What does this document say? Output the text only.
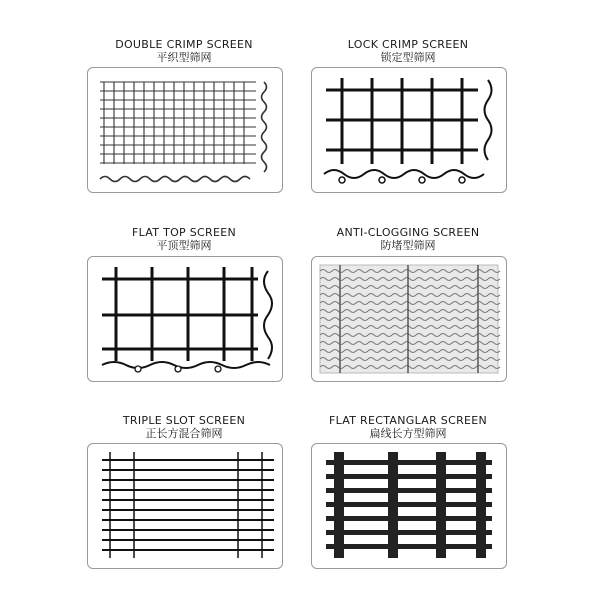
DOUBLE CRIMP SCREEN
平织型筛网
LOCK CRIMP SCREEN
锁定型筛网
FLAT TOP SCREEN
平顶型筛网
ANTI-CLOGGING SCREEN
防堵型筛网
TRIPLE SLOT SCREEN
正长方混合筛网
FLAT RECTANGLAR SCREEN
扁线长方型筛网
